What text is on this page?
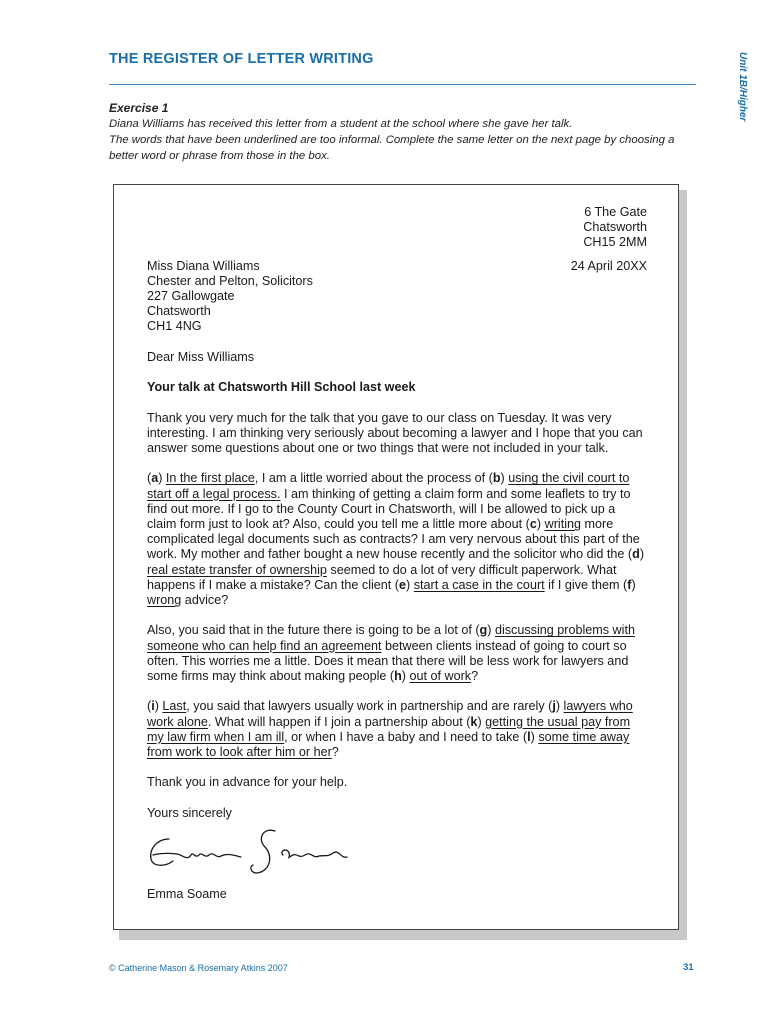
THE REGISTER OF LETTER WRITING	Unit 1B/Higher
Exercise 1
Diana Williams has received this letter from a student at the school where she gave her talk.
The words that have been underlined are too informal. Complete the same letter on the next page by choosing a better word or phrase from those in the box.
6 The Gate
Chatsworth
CH15 2MM
Miss Diana Williams
Chester and Pelton, Solicitors
227 Gallowgate
Chatsworth
CH1 4NG
24 April 20XX
Dear Miss Williams
Your talk at Chatsworth Hill School last week
Thank you very much for the talk that you gave to our class on Tuesday. It was very interesting. I am thinking very seriously about becoming a lawyer and I hope that you can answer some questions about one or two things that were not included in your talk.
(a) In the first place, I am a little worried about the process of (b) using the civil court to start off a legal process. I am thinking of getting a claim form and some leaflets to try to find out more. If I go to the County Court in Chatsworth, will I be allowed to pick up a claim form just to look at? Also, could you tell me a little more about (c) writing more complicated legal documents such as contracts? I am very nervous about this part of the work. My mother and father bought a new house recently and the solicitor who did the (d) real estate transfer of ownership seemed to do a lot of very difficult paperwork. What happens if I make a mistake? Can the client (e) start a case in the court if I give them (f) wrong advice?
Also, you said that in the future there is going to be a lot of (g) discussing problems with someone who can help find an agreement between clients instead of going to court so often. This worries me a little. Does it mean that there will be less work for lawyers and some firms may think about making people (h) out of work?
(i) Last, you said that lawyers usually work in partnership and are rarely (j) lawyers who work alone. What will happen if I join a partnership about (k) getting the usual pay from my law firm when I am ill, or when I have a baby and I need to take (l) some time away from work to look after him or her?
Thank you in advance for your help.
Yours sincerely
Emma Soame
© Catherine Mason & Rosemary Atkins 2007	31
